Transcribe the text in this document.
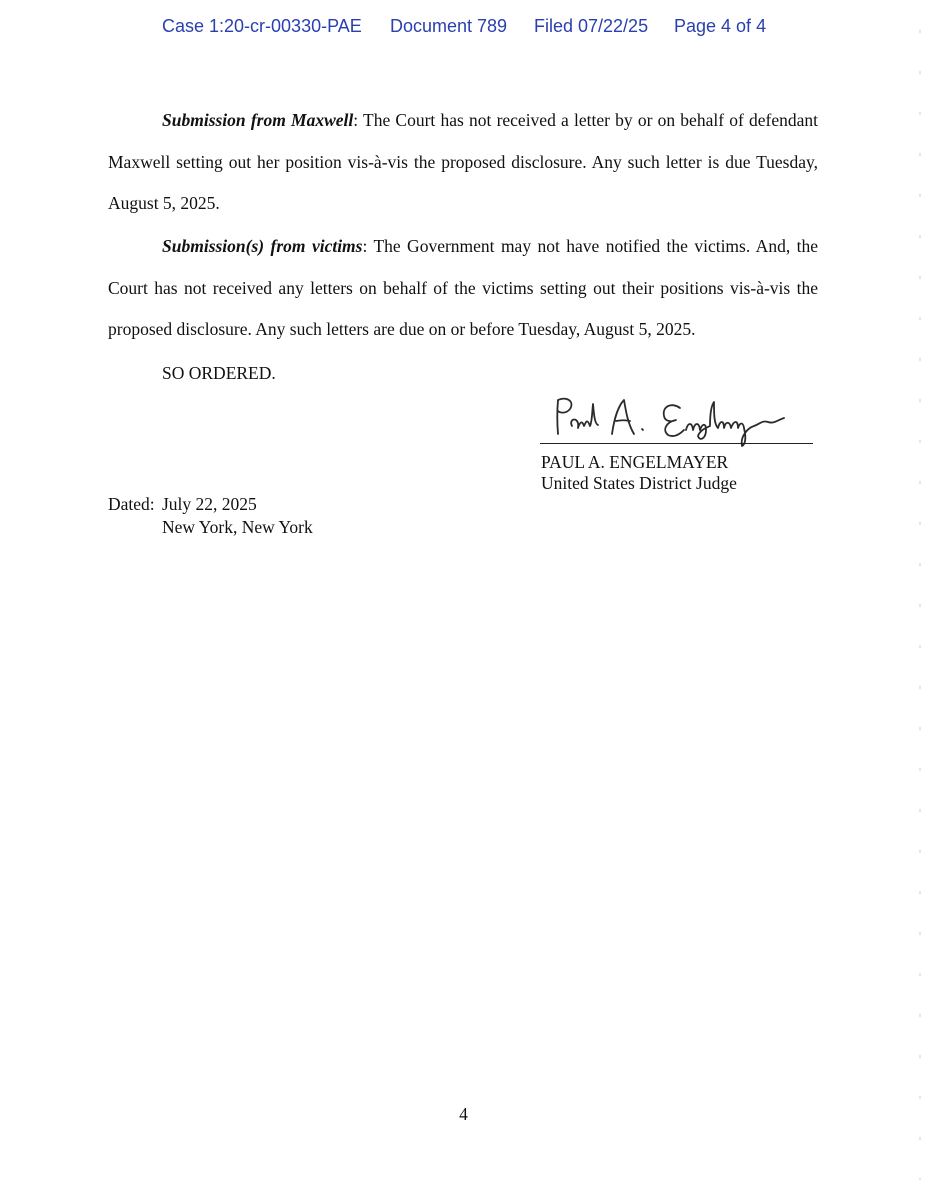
Case 1:20-cr-00330-PAE Document 789 Filed 07/22/25 Page 4 of 4

Submission from Maxwell: The Court has not received a letter by or on behalf of defendant Maxwell setting out her position vis-à-vis the proposed disclosure. Any such letter is due Tuesday, August 5, 2025.

Submission(s) from victims: The Government may not have notified the victims. And, the Court has not received any letters on behalf of the victims setting out their positions vis-à-vis the proposed disclosure. Any such letters are due on or before Tuesday, August 5, 2025.

SO ORDERED.
PAUL A. ENGELMAYER
United States District Judge
Dated: July 22, 2025
New York, New York
4
